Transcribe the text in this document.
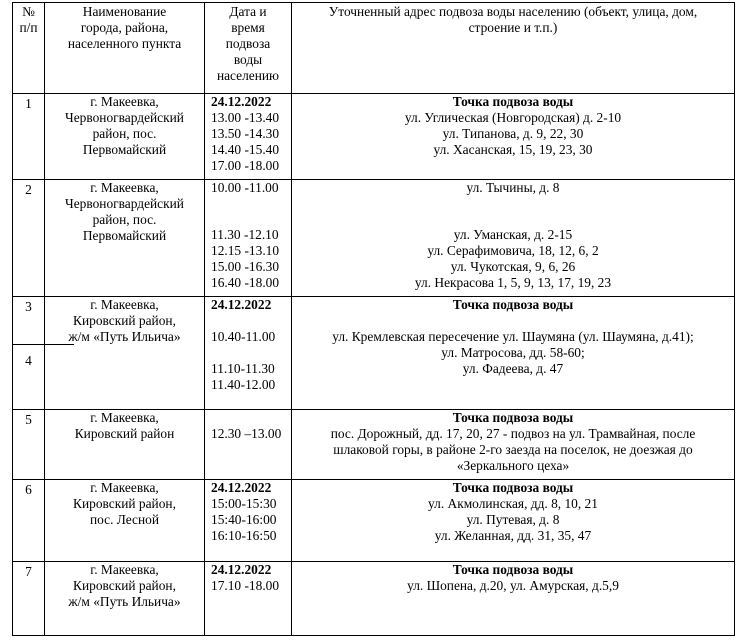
№
п/п	Наименование
города, района,
населенного пункта	Дата и
время
подвоза
воды
населению	Уточненный адрес подвоза воды населению (объект, улица, дом,
строение и т.п.)

1	г. Макеевка,
Червоногвардейский
район, пос.
Первомайский	24.12.2022
13.00 -13.40
13.50 -14.30
14.40 -15.40
17.00 -18.00	Точка подвоза воды
ул. Углическая (Новгородская) д. 2-10
ул. Типанова, д. 9, 22, 30
ул. Хасанская, 15, 19, 23, 30

2	г. Макеевка,
Червоногвардейский
район, пос.
Первомайский	10.00 -11.00
11.30 -12.10
12.15 -13.10
15.00 -16.30
16.40 -18.00	ул. Тычины, д. 8
ул. Уманская, д. 2-15
ул. Серафимовича, 18, 12, 6, 2
ул. Чукотская, 9, 6, 26
ул. Некрасова 1, 5, 9, 13, 17, 19, 23

3
4	г. Макеевка,
Кировский район,
ж/м «Путь Ильича»	24.12.2022
10.40-11.00
11.10-11.30
11.40-12.00	Точка подвоза воды
ул. Кремлевская пересечение ул. Шаумяна (ул. Шаумяна, д.41);
ул. Матросова, дд. 58-60;
ул. Фадеева, д. 47

5	г. Макеевка,
Кировский район	12.30 –13.00	Точка подвоза воды
пос. Дорожный, дд. 17, 20, 27 - подвоз на ул. Трамвайная, после
шлаковой горы, в районе 2-го заезда на поселок, не доезжая до
«Зеркального цеха»

6	г. Макеевка,
Кировский район,
пос. Лесной	24.12.2022
15:00-15:30
15:40-16:00
16:10-16:50	Точка подвоза воды
ул. Акмолинская, дд. 8, 10, 21
ул. Путевая, д. 8
ул. Желанная, дд. 31, 35, 47

7	г. Макеевка,
Кировский район,
ж/м «Путь Ильича»	24.12.2022
17.10 -18.00	Точка подвоза воды
ул. Шопена, д.20, ул. Амурская, д.5,9
